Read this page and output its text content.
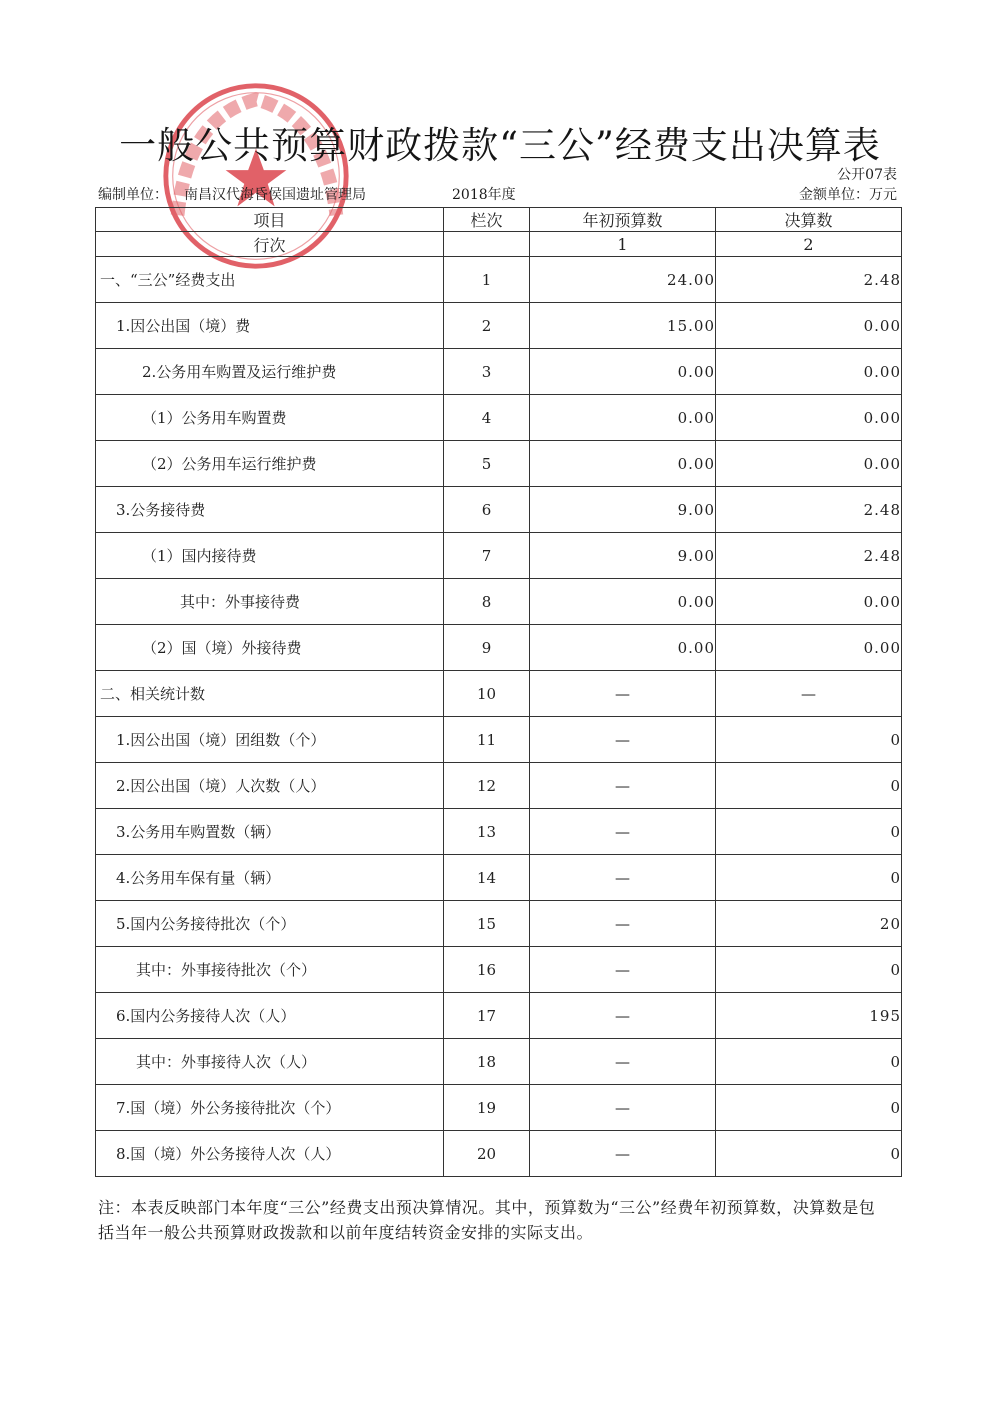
一般公共预算财政拨款“三公”经费支出决算表
公开07表
编制单位： 南昌汉代海昏侯国遗址管理局	2018年度	金额单位：万元
项目	栏次	年初预算数	决算数
行次		1	2
一、“三公”经费支出	1	24.00	2.48
1.因公出国（境）费	2	15.00	0.00
2.公务用车购置及运行维护费	3	0.00	0.00
（1）公务用车购置费	4	0.00	0.00
（2）公务用车运行维护费	5	0.00	0.00
3.公务接待费	6	9.00	2.48
（1）国内接待费	7	9.00	2.48
其中：外事接待费	8	0.00	0.00
（2）国（境）外接待费	9	0.00	0.00
二、相关统计数	10	—	—
1.因公出国（境）团组数（个）	11	—	0
2.因公出国（境）人次数（人）	12	—	0
3.公务用车购置数（辆）	13	—	0
4.公务用车保有量（辆）	14	—	0
5.国内公务接待批次（个）	15	—	20
其中：外事接待批次（个）	16	—	0
6.国内公务接待人次（人）	17	—	195
其中：外事接待人次（人）	18	—	0
7.国（境）外公务接待批次（个）	19	—	0
8.国（境）外公务接待人次（人）	20	—	0
注：本表反映部门本年度“三公”经费支出预决算情况。其中，预算数为“三公”经费年初预算数，决算数是包括当年一般公共预算财政拨款和以前年度结转资金安排的实际支出。
